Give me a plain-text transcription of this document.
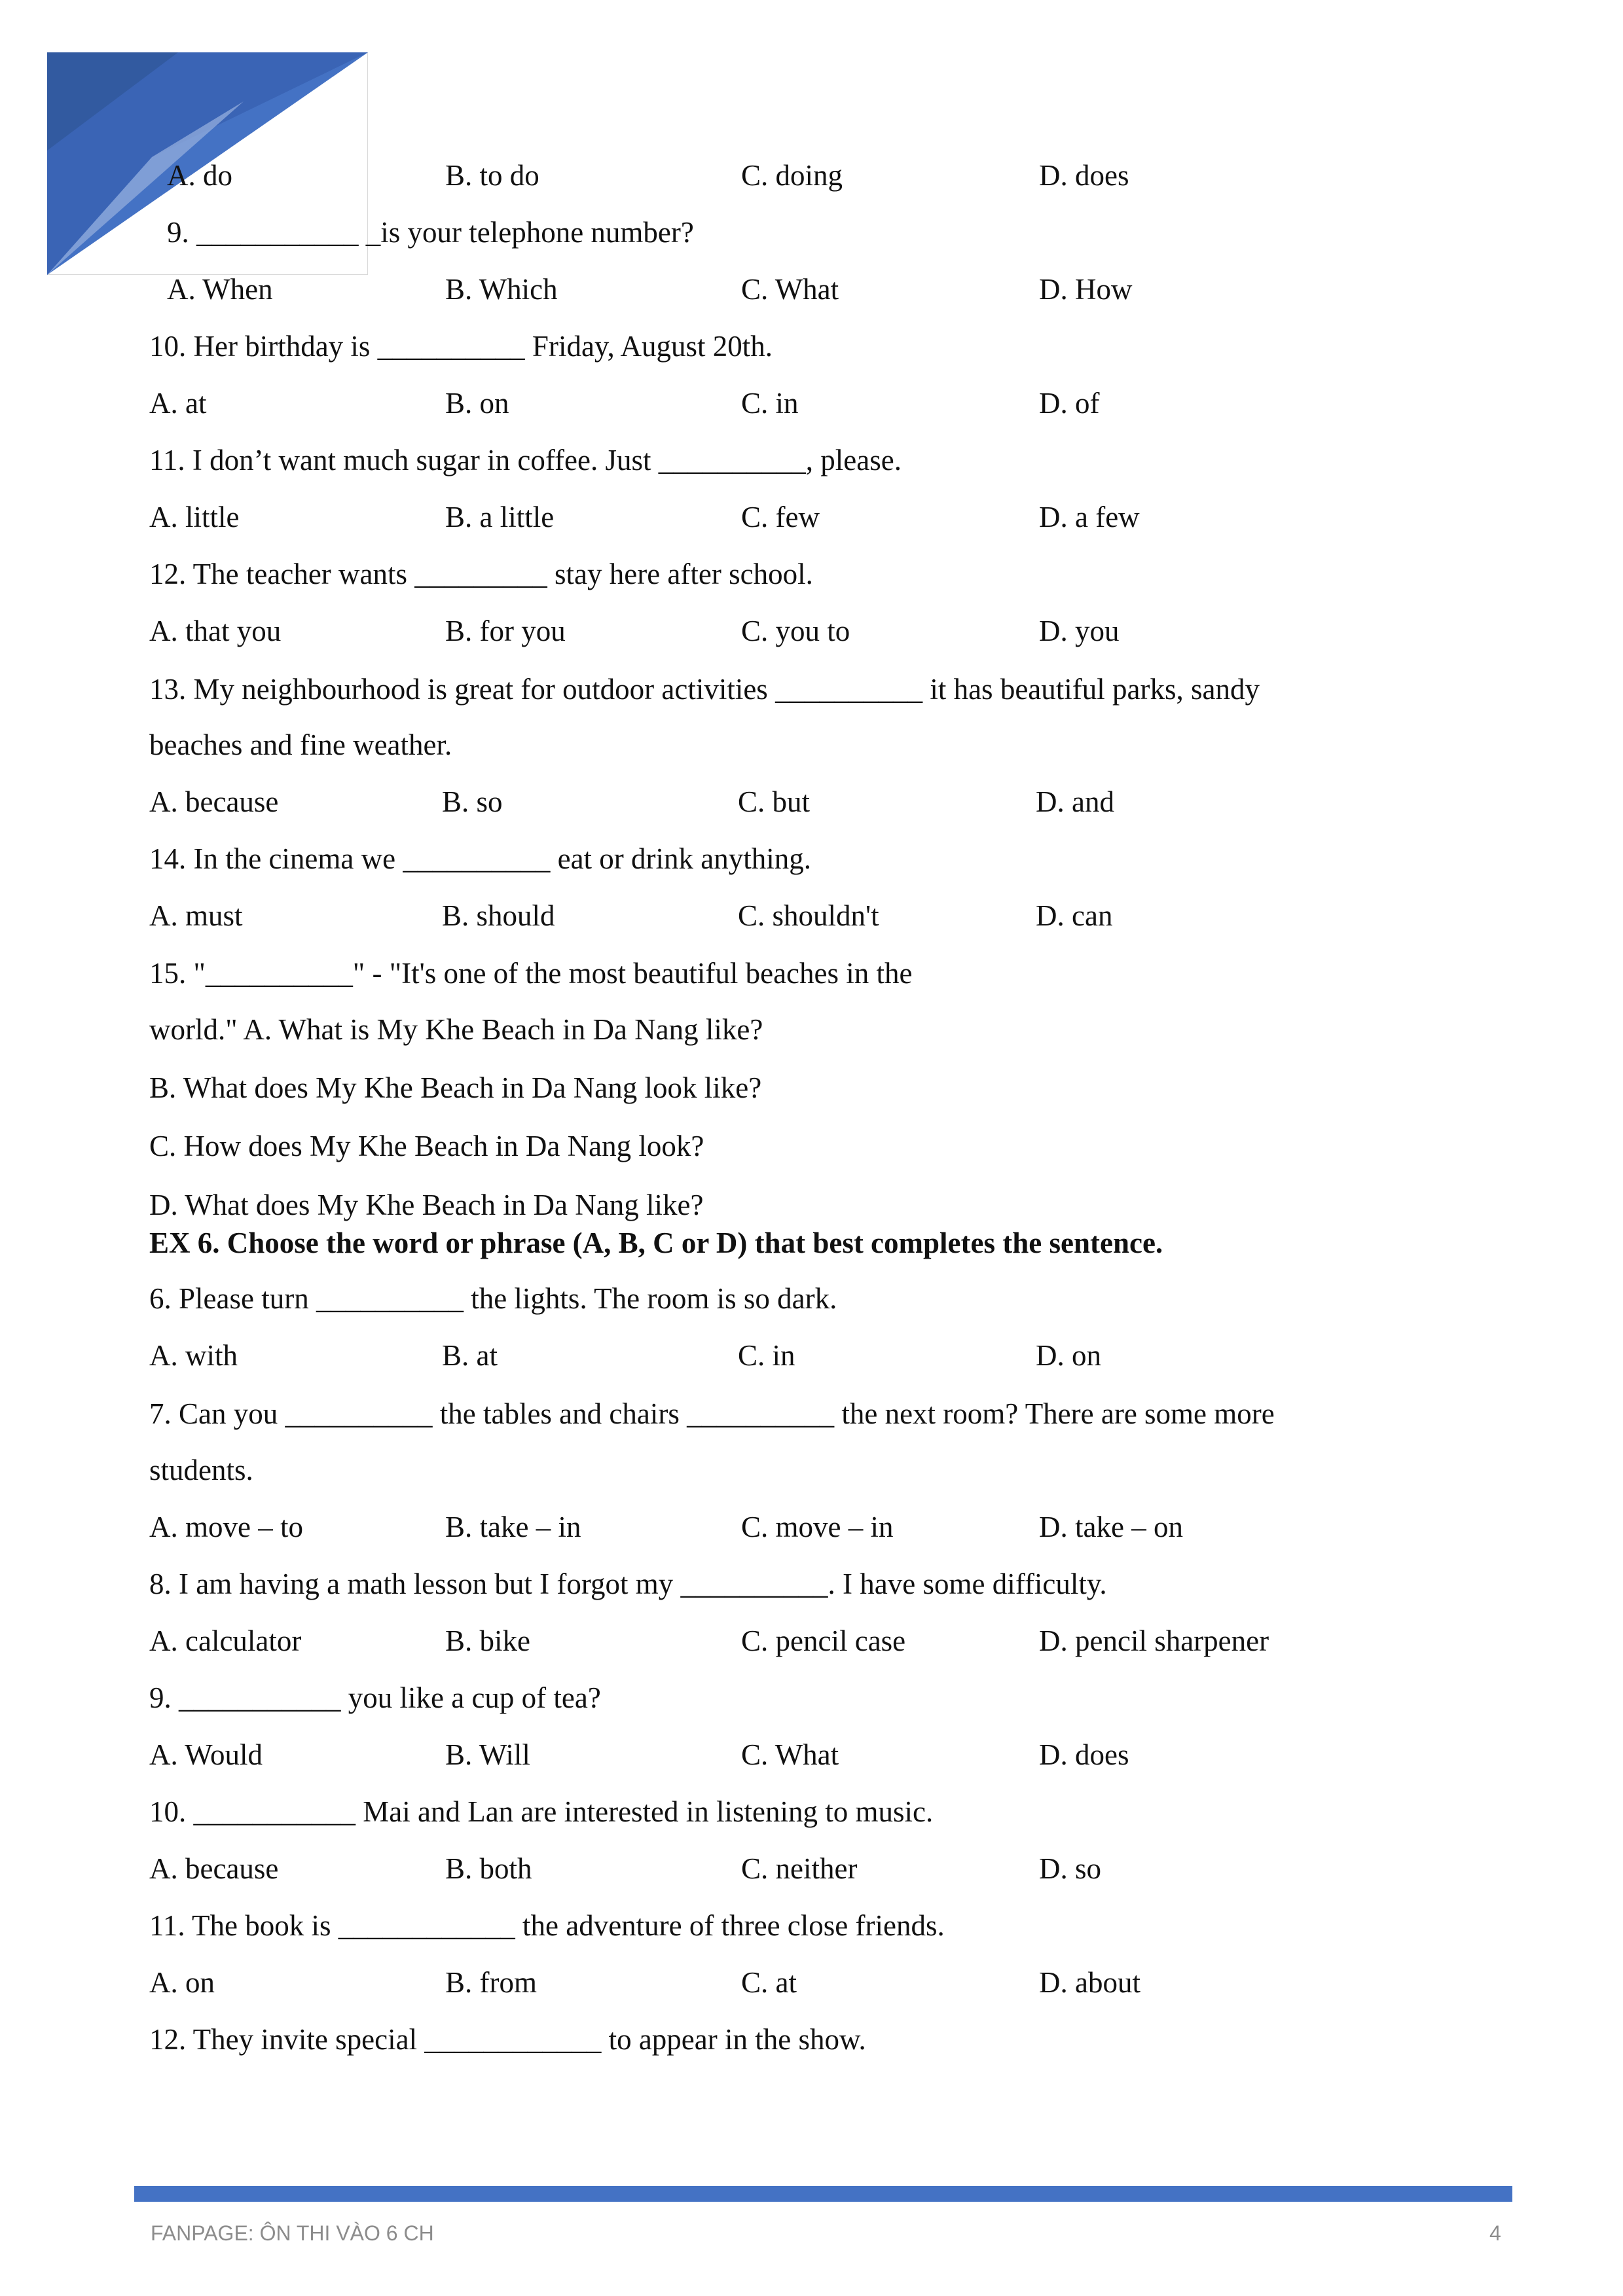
A. do	B. to do	C. doing	D. does
9. ___________ _is your telephone number?
A. When	B. Which	C. What	D. How
10. Her birthday is __________ Friday, August 20th.
A. at	B. on	C. in	D. of
11. I don’t want much sugar in coffee. Just __________, please.
A. little	B. a little	C. few	D. a few
12. The teacher wants _________ stay here after school.
A. that you	B. for you	C. you to	D. you
13. My neighbourhood is great for outdoor activities __________ it has beautiful parks, sandy
beaches and fine weather.
A. because	B. so	C. but	D. and
14. In the cinema we __________ eat or drink anything.
A. must	B. should	C. shouldn't	D. can
15. "__________" - "It's one of the most beautiful beaches in the
world." A. What is My Khe Beach in Da Nang like?
B. What does My Khe Beach in Da Nang look like?
C. How does My Khe Beach in Da Nang look?
D. What does My Khe Beach in Da Nang like?
EX 6. Choose the word or phrase (A, B, C or D) that best completes the sentence.
6. Please turn __________ the lights. The room is so dark.
A. with	B. at	C. in	D. on
7. Can you __________ the tables and chairs __________ the next room? There are some more
students.
A. move – to	B. take – in	C. move – in	D. take – on
8. I am having a math lesson but I forgot my __________. I have some difficulty.
A. calculator	B. bike	C. pencil case	D. pencil sharpener
9. ___________ you like a cup of tea?
A. Would	B. Will	C. What	D. does
10. ___________ Mai and Lan are interested in listening to music.
A. because	B. both	C. neither	D. so
11. The book is ____________ the adventure of three close friends.
A. on	B. from	C. at	D. about
12. They invite special ____________ to appear in the show.
FANPAGE: ÔN THI VÀO 6 CH	4
